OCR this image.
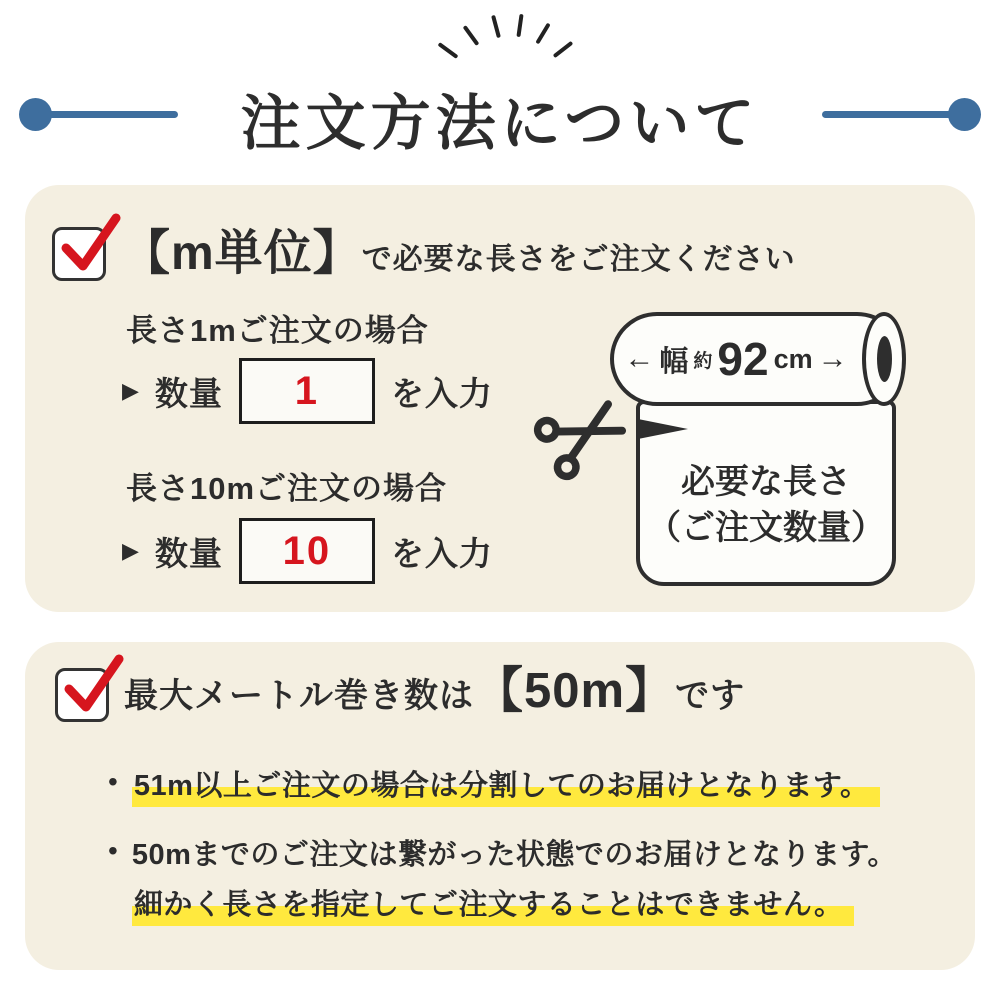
注文方法について
【m単位】 で必要な長さをご注文ください
長さ1mご注文の場合
▶ 数量 1 を入力
長さ10mご注文の場合
▶ 数量 10 を入力
必要な長さ
（ご注文数量）
← 幅 約 92 cm →
最大メートル巻き数は 【50m】 です
• 51m以上ご注文の場合は分割してのお届けとなります。
• 50mまでのご注文は繋がった状態でのお届けとなります。
細かく長さを指定してご注文することはできません。
